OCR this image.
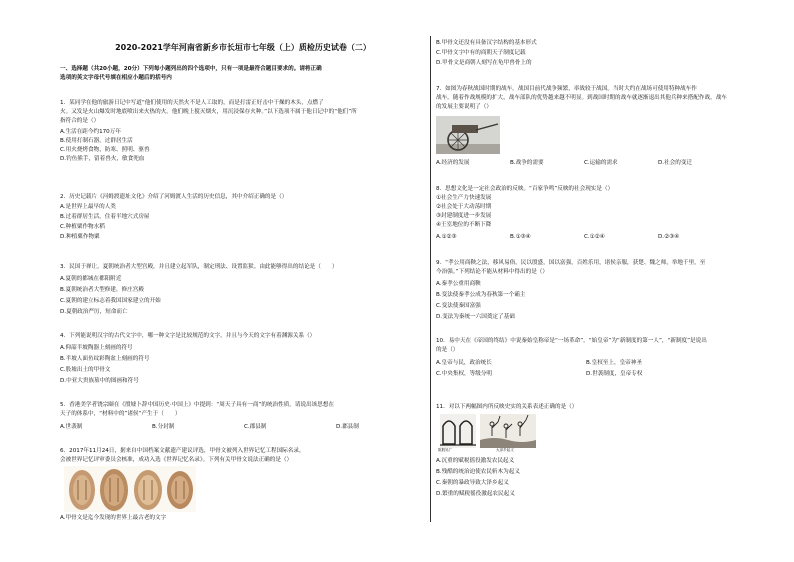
2020-2021学年河南省新乡市长垣市七年级（上）质检历史试卷（二）
一、选择题（共20小题，20分）下列每小题列出的四个选项中，只有一项是最符合题目要求的。请将正确
选项的英文字母代号填在相应小题后的括号内
1．某同学在他的旅游日记中写道“他们使用的天然火不是人工取的，而是打雷正好击中干燥的木头，点燃了
火。又发是火山爆发时地底喷出来火热的火。他们晚上搅灭烟火，用沉浸保存火种。”以下选项不属于他日记中的“他们”所
指符合的是（）
A.生活在距今约170万年
B.使用打制石器，过群居生活
C.用火烧烤食物，防寒、照明、驱兽
D.钓鱼熊手，留着兽火，敏食兜血
2．历史记载片《河姆渡遗址文化》介绍了河姆渡人生活的历史信息，其中介绍正确的是（）
A.是世界上最早的人类
B.过着群居生活，住着半地穴式房屋
C.种植粟作物水稻
D.种植粟作物粟
3．民国于禅让，夏朝统治者大型宫殿，并且建立起军队，制定刑法、设置监狱。由此能够得出的结论是（　　）
A.夏朝的都城在都阳附近
B.夏朝统治者大型修建，修庄宫殿
C.夏朝的建立标志着我国国家建立的开始
D.夏朝政治严厉，短命而亡
4．下列能说明汉字的古代文字中，哪一种文字是比较规范的文字，并且与今天的文字有着渊源关系（）
A.仰韶半坡陶器上刻画的符号
B.半坡人面鱼纹彩陶盆上刻画的符号
C.股墟出土的甲骨文
D.中亚大贵族墓中的图画和符号
5．香港美学者饶宗颐在《殷墟卜辞中国历史·中国上》中提到：“周天子具有一商”的统治性质。请说出该思想在
天子的体系中，“材料中的”诸侯“产生于（　　）
A.世袭制	B.分封制	C.郡县制	D.郡县制
6．2017年11月24日，据来自中国档案文献遗产建议评选，甲骨文被列入世界记忆工程国际名录，
会被世界记忆评审委员会核准，成功入选《世界记忆名录》。下列有关甲骨文说法正确的是（）
A.甲骨文是迄今发现的世界上最古老的文字
B.甲骨文还没有具备汉字结构的基本形式
C.甲骨文字中有的商朝天子制度记载
D.甲骨文是商朝人刻写在龟甲兽骨上的
7．如图为春秋战国时期的战车。战国目前代战争频繁，率战较于战国。当时大约在战场可使用特种战车作
战车。随着作战规模的扩大，战车部队的优势越来越不明显。到战国时期的战车就逐渐退出其他兵种来搭配作战。战车
的发展主要说明了（）
A.经济的发展	B.战争的需要	C.运输的需求	D.社会的变迁
8．思想文化是一定社会政治的反映。“百家争鸣”反映的社会现实是（）
①社会生产力快速发展
②社会处于大动荡时期
③封建制度进一步发展
④王室地位的不断下降
A.①②③	B.①③④	C.①②④	D.②③④
9．“孝公用商鞅之法，移风易俗，民以殷盛，国以富强，百姓乐用，诸侯亲服，获楚、魏之师，举地千里，至
今治强。”下列结论不能从材料中得出的是（）
A.秦孝公重用商鞅
B.变法使秦孝公成为春秋第一个霸主
C.变法使秦国富强
D.变法为秦统一六国奠定了基础
10．易中天在《帝国的终结》中说秦始皇称帝是“一场革命”，“始皇帝”为“新制度的第一人”，“新制度”是说出
的是（）
A.皇帝与民，政治统长	B.皇权至上，皇帝神圣
C.中央集权，等级分明	D.世袭制度，皇帝专权
11．对以下两幅图内所反映史实的关系表述正确的是（）
陈胜吴广	大泽乡起义
A.沉重的赋税徭役激发农民起义
B.残酷的统治迫使农民斩木为起义
C.秦朝的暴政导致大泽乡起义
D.繁重的赋税徭役激起农民起义
